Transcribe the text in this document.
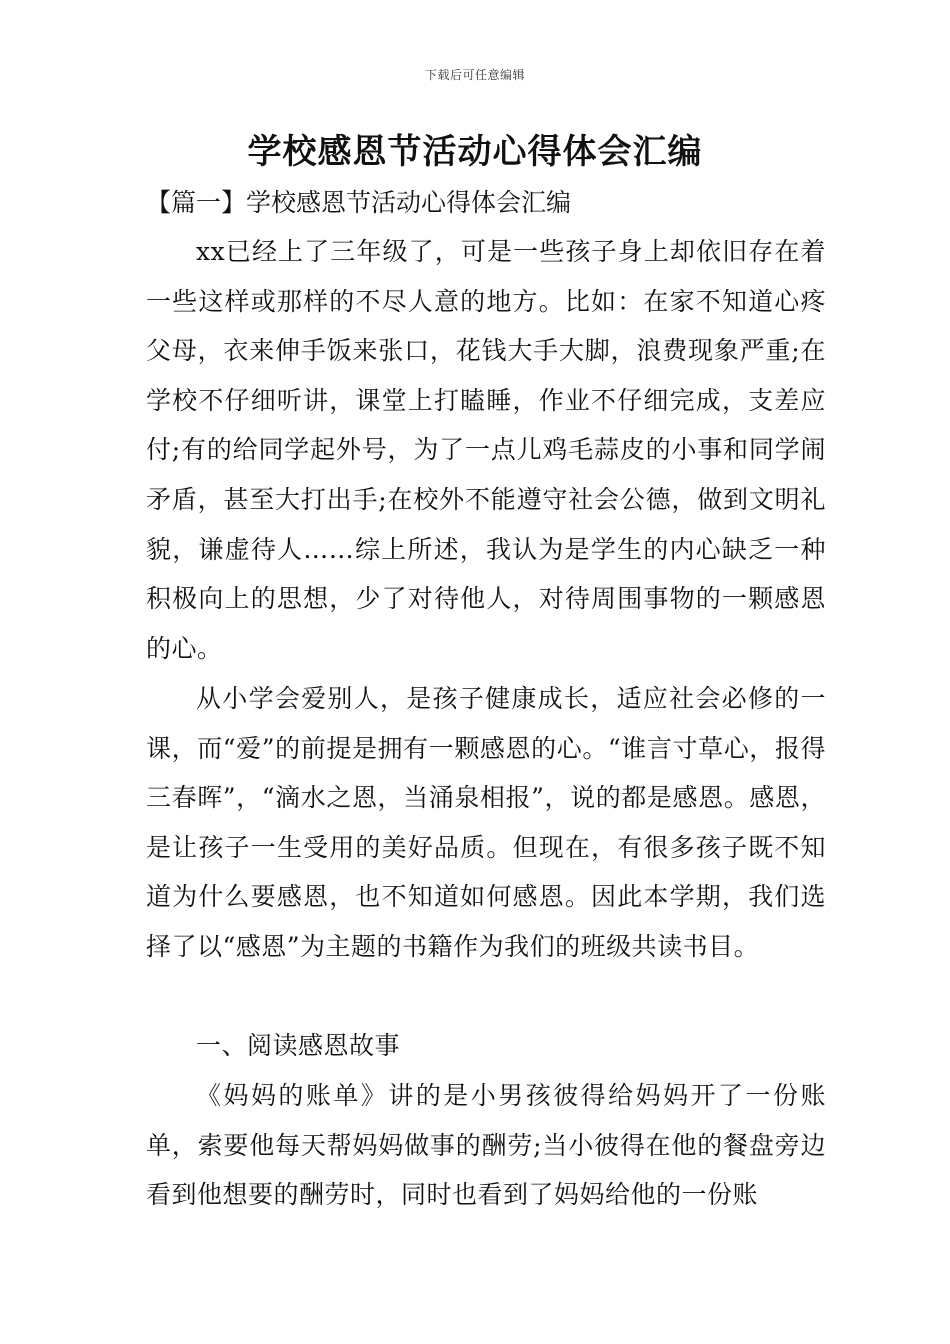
下载后可任意编辑
学校感恩节活动心得体会汇编
【篇一】学校感恩节活动心得体会汇编
xx已经上了三年级了，可是一些孩子身上却依旧存在着一些这样或那样的不尽人意的地方。比如：在家不知道心疼父母，衣来伸手饭来张口，花钱大手大脚，浪费现象严重;在学校不仔细听讲，课堂上打瞌睡，作业不仔细完成，支差应付;有的给同学起外号，为了一点儿鸡毛蒜皮的小事和同学闹矛盾，甚至大打出手;在校外不能遵守社会公德，做到文明礼貌，谦虚待人……综上所述，我认为是学生的内心缺乏一种积极向上的思想，少了对待他人，对待周围事物的一颗感恩的心。
从小学会爱别人，是孩子健康成长，适应社会必修的一课，而“爱”的前提是拥有一颗感恩的心。“谁言寸草心，报得三春晖”，“滴水之恩，当涌泉相报”，说的都是感恩。感恩，是让孩子一生受用的美好品质。但现在，有很多孩子既不知道为什么要感恩，也不知道如何感恩。因此本学期，我们选择了以“感恩”为主题的书籍作为我们的班级共读书目。
一、阅读感恩故事
《妈妈的账单》讲的是小男孩彼得给妈妈开了一份账单，索要他每天帮妈妈做事的酬劳;当小彼得在他的餐盘旁边看到他想要的酬劳时，同时也看到了妈妈给他的一份账
